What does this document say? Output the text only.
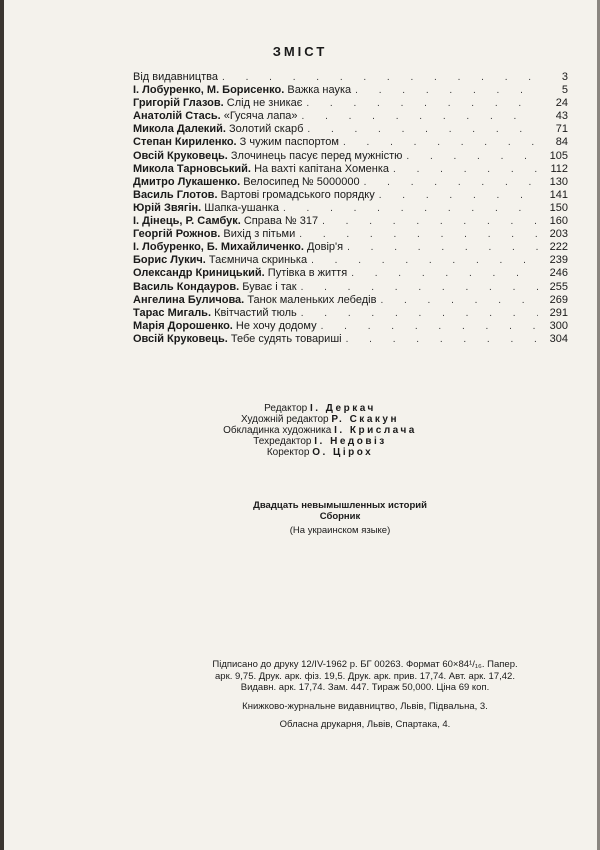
ЗМІСТ
Від видавництва . . .	3
І. Лобуренко, М. Борисенко. Важка наука . . .	5
Григорій Глазов. Слід не зникає . . .	24
Анатолій Стась. «Гусяча лапа» . . .	43
Микола Далекий. Золотий скарб . . .	71
Степан Кириленко. З чужим паспортом . . .	84
Овсій Круковець. Злочинець пасує перед мужністю . . .	105
Микола Тарновський. На вахті капітана Хоменка . . .	112
Дмитро Лукашенко. Велосипед № 5000000 . . .	130
Василь Глотов. Вартові громадського порядку . . .	141
Юрій Звягін. Шапка-ушанка . . .	150
І. Дінець, Р. Самбук. Справа № 317 . . .	160
Георгій Рожнов. Вихід з пітьми . . .	203
І. Лобуренко, Б. Михайличенко. Довір'я . . .	222
Борис Лукич. Таємнича скринька . . .	239
Олександр Криницький. Путівка в життя . . .	246
Василь Кондауров. Буває і так . . .	255
Ангелина Буличова. Танок маленьких лебедів . . .	269
Тарас Мигаль. Квітчастий тюль . . .	291
Марія Дорошенко. Не хочу додому . . .	300
Овсій Круковець. Тебе судять товариші . . .	304
Редактор І. Деркач
Художній редактор Р. Скакун
Обкладинка художника І. Крислача
Техредактор І. Недовіз
Коректор О. Цірох
Двадцать невымышленных историй
Сборник
(На украинском языке)
Підписано до друку 12/IV-1962 р. БГ 00263. Формат 60×84¹/₁₆. Папер.
арк. 9,75. Друк. арк. фіз. 19,5. Друк. арк. прив. 17,74. Авт. арк. 17,42.
Видавн. арк. 17,74. Зам. 447. Тираж 50,000. Ціна 69 коп.
Книжково-журнальне видавництво, Львів, Підвальна, 3.
Обласна друкарня, Львів, Спартака, 4.
